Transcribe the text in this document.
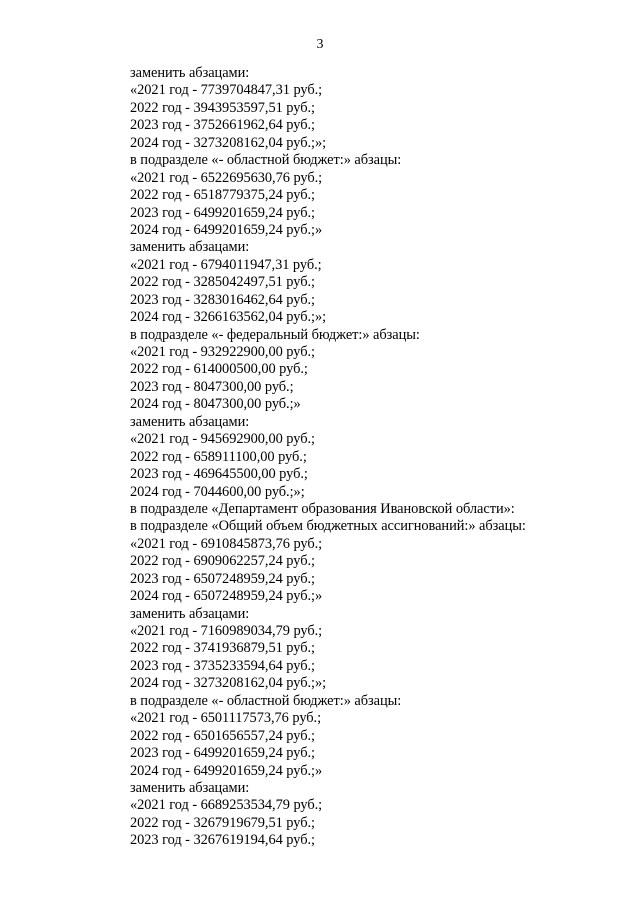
3
заменить абзацами:
«2021 год - 7739704847,31 руб.;
2022 год - 3943953597,51 руб.;
2023 год - 3752661962,64 руб.;
2024 год - 3273208162,04 руб.;»;
в подразделе «- областной бюджет:» абзацы:
«2021 год - 6522695630,76 руб.;
2022 год - 6518779375,24 руб.;
2023 год - 6499201659,24 руб.;
2024 год - 6499201659,24 руб.;»
заменить абзацами:
«2021 год - 6794011947,31 руб.;
2022 год - 3285042497,51 руб.;
2023 год - 3283016462,64 руб.;
2024 год - 3266163562,04 руб.;»;
в подразделе «- федеральный бюджет:» абзацы:
«2021 год - 932922900,00 руб.;
2022 год - 614000500,00 руб.;
2023 год - 8047300,00 руб.;
2024 год - 8047300,00 руб.;»
заменить абзацами:
«2021 год - 945692900,00 руб.;
2022 год - 658911100,00 руб.;
2023 год - 469645500,00 руб.;
2024 год - 7044600,00 руб.;»;
в подразделе «Департамент образования Ивановской области»:
в подразделе «Общий объем бюджетных ассигнований:» абзацы:
«2021 год - 6910845873,76 руб.;
2022 год - 6909062257,24 руб.;
2023 год - 6507248959,24 руб.;
2024 год - 6507248959,24 руб.;»
заменить абзацами:
«2021 год - 7160989034,79 руб.;
2022 год - 3741936879,51 руб.;
2023 год - 3735233594,64 руб.;
2024 год - 3273208162,04 руб.;»;
в подразделе «- областной бюджет:» абзацы:
«2021 год - 6501117573,76 руб.;
2022 год - 6501656557,24 руб.;
2023 год - 6499201659,24 руб.;
2024 год - 6499201659,24 руб.;»
заменить абзацами:
«2021 год - 6689253534,79 руб.;
2022 год - 3267919679,51 руб.;
2023 год - 3267619194,64 руб.;
